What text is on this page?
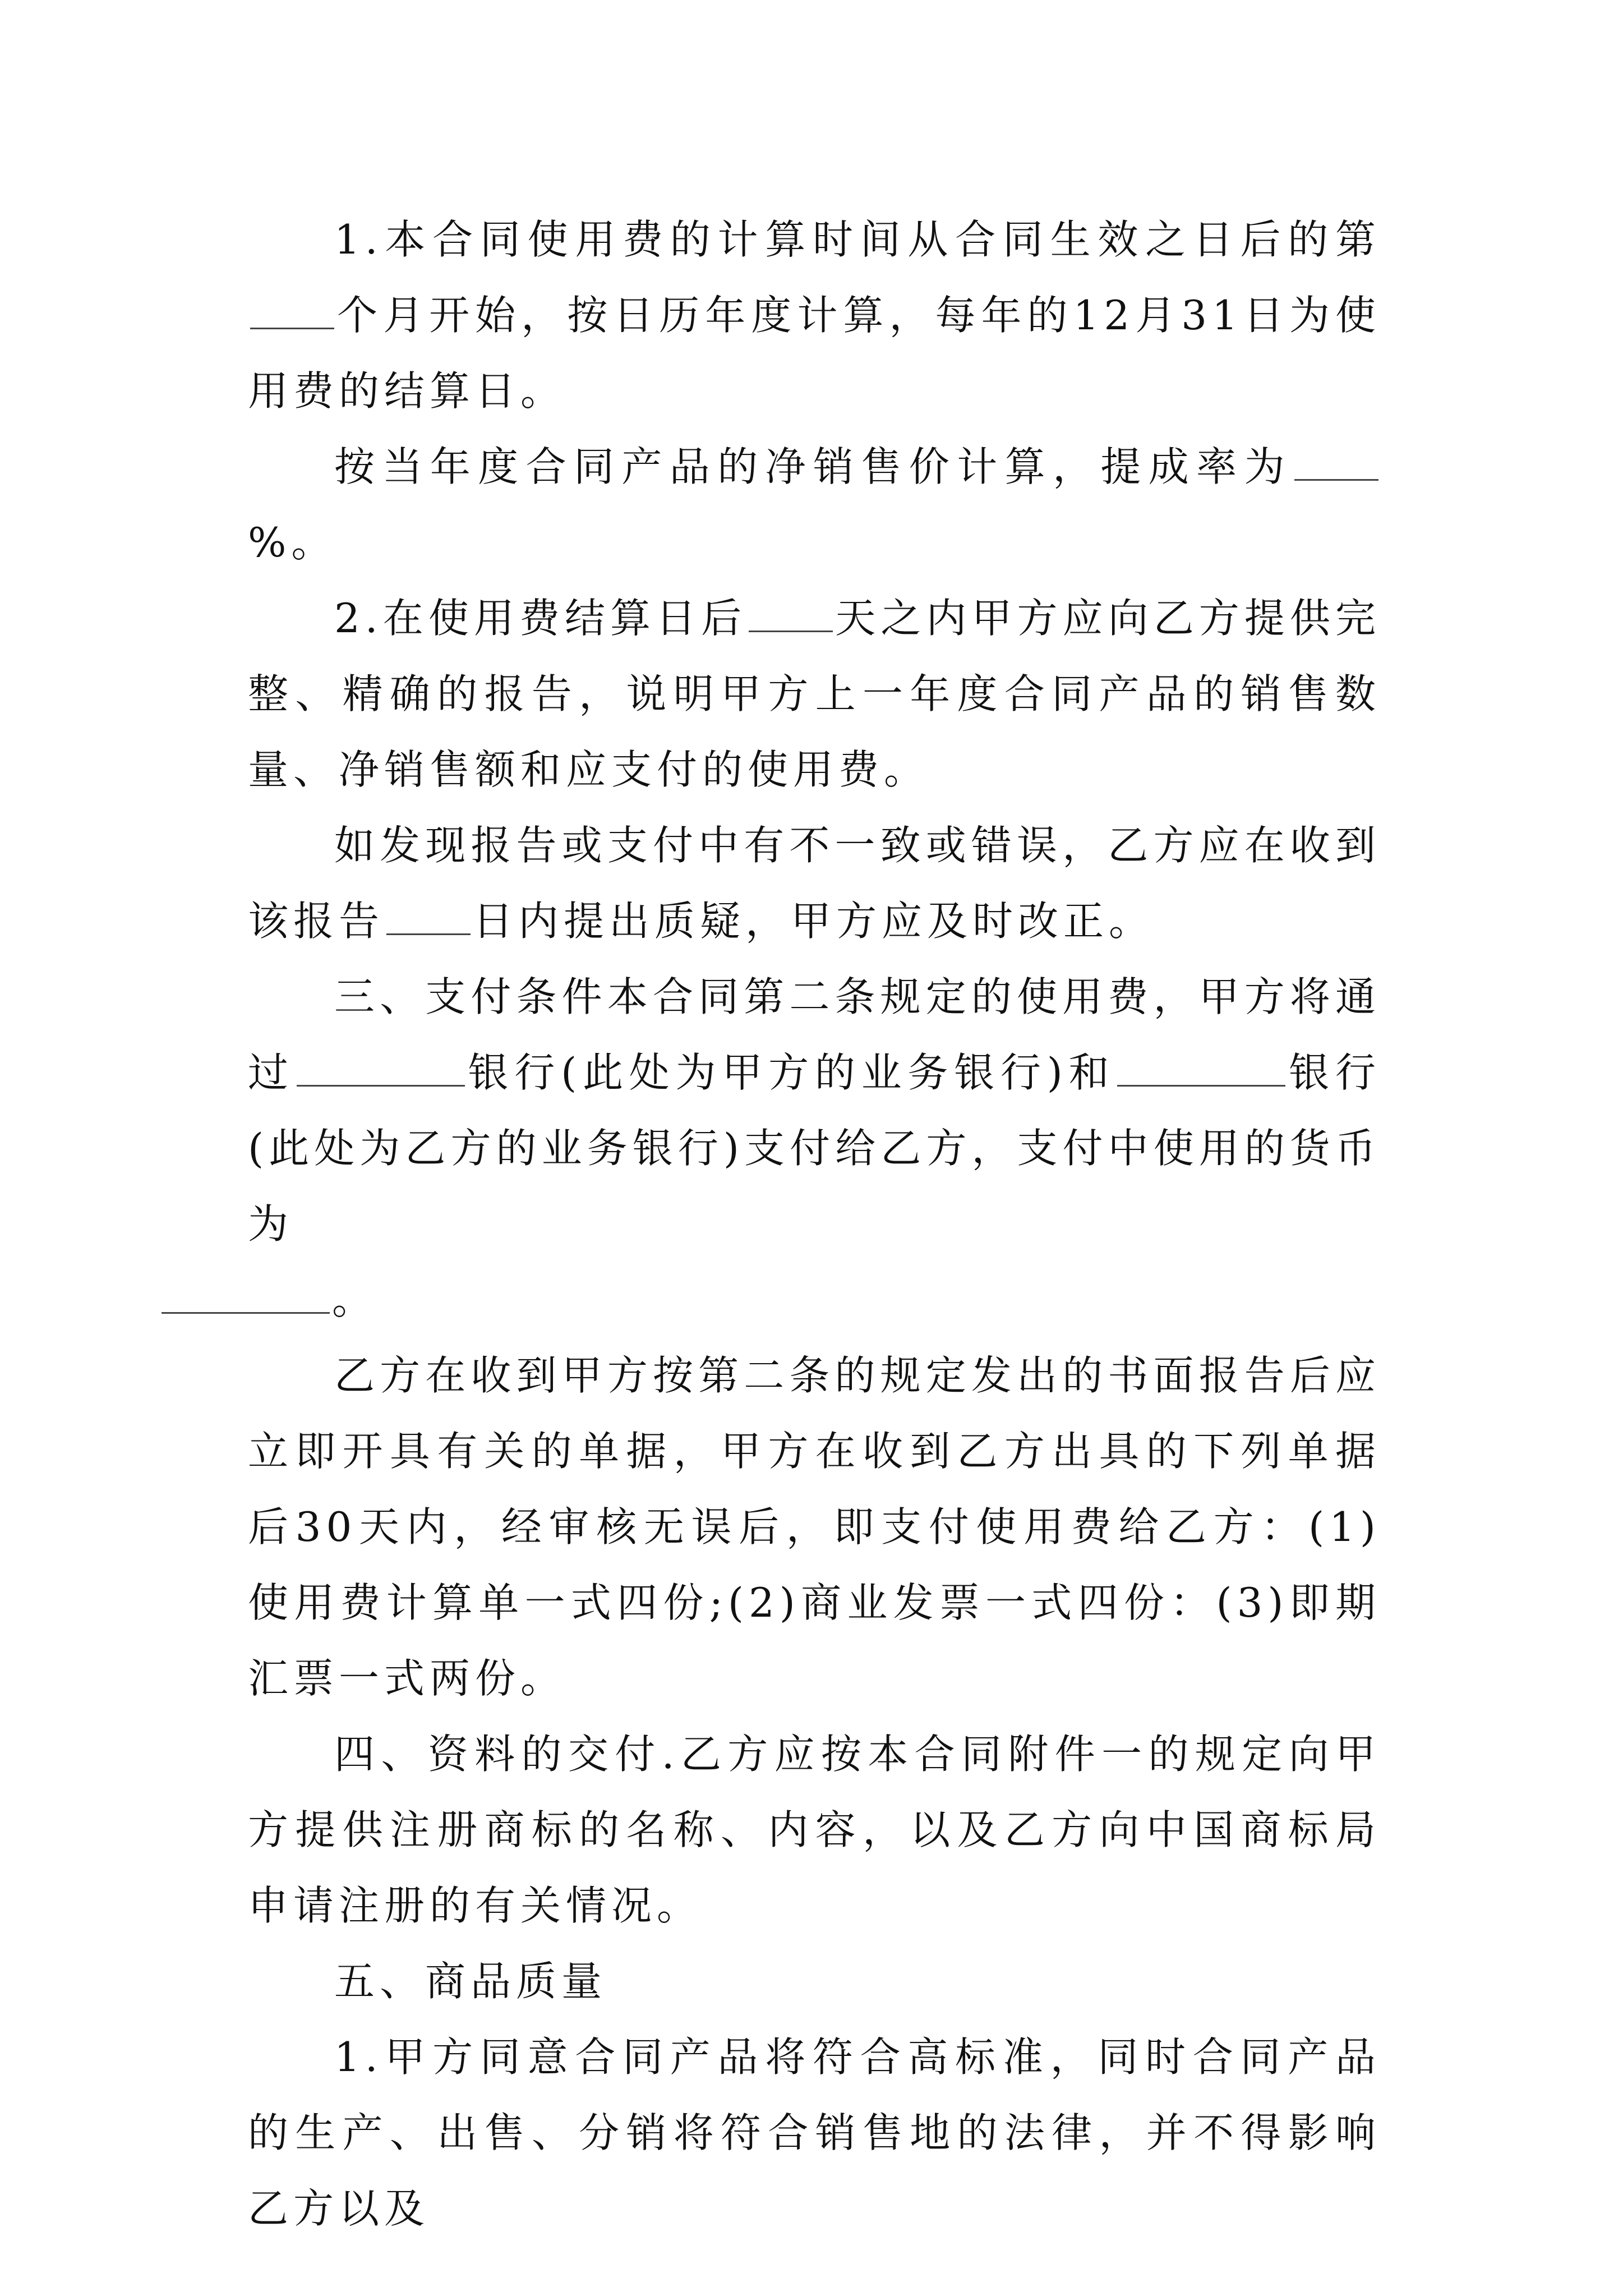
1.本合同使用费的计算时间从合同生效之日后的第个月开始，按日历年度计算，每年的12月31日为使用费的结算日。

按当年度合同产品的净销售价计算，提成率为%。

2.在使用费结算日后 天之内甲方应向乙方提供完整、精确的报告，说明甲方上一年度合同产品的销售数量、净销售额和应支付的使用费。

如发现报告或支付中有不一致或错误，乙方应在收到该报告 日内提出质疑，甲方应及时改正。

三、支付条件本合同第二条规定的使用费，甲方将通过	银行(此处为甲方的业务银行)和	银行(此处为乙方的业务银行)支付给乙方，支付中使用的货币为
。

乙方在收到甲方按第二条的规定发出的书面报告后应立即开具有关的单据，甲方在收到乙方出具的下列单据后30天内，经审核无误后，即支付使用费给乙方：(1)使用费计算单一式四份;(2)商业发票一式四份：(3)即期汇票一式两份。

四、资料的交付.乙方应按本合同附件一的规定向甲方提供注册商标的名称、内容，以及乙方向中国商标局申请注册的有关情况。

五、商品质量

1.甲方同意合同产品将符合高标准，同时合同产品的生产、出售、分销将符合销售地的法律，并不得影响乙方以及
